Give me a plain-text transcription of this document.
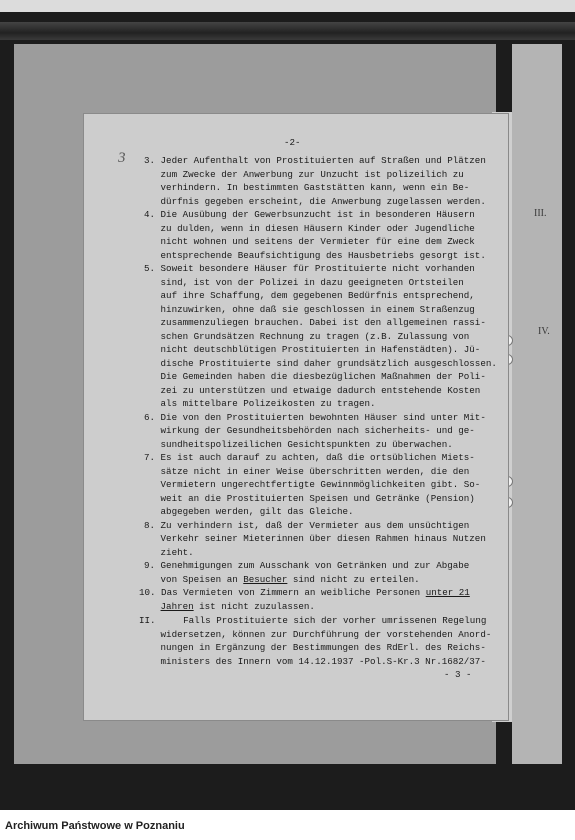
III.
IV.
-2-
3 3. Jeder Aufenthalt von Prostituierten auf Straßen und Plätzen
zum Zwecke der Anwerbung zur Unzucht ist polizeilich zu
verhindern. In bestimmten Gaststätten kann, wenn ein Be-
dürfnis gegeben erscheint, die Anwerbung zugelassen werden.
4. Die Ausübung der Gewerbsunzucht ist in besonderen Häusern
zu dulden, wenn in diesen Häusern Kinder oder Jugendliche
nicht wohnen und seitens der Vermieter für eine dem Zweck
entsprechende Beaufsichtigung des Hausbetriebs gesorgt ist.
5. Soweit besondere Häuser für Prostituierte nicht vorhanden
sind, ist von der Polizei in dazu geeigneten Ortsteilen
auf ihre Schaffung, dem gegebenen Bedürfnis entsprechend,
hinzuwirken, ohne daß sie geschlossen in einem Straßenzug
zusammenzuliegen brauchen. Dabei ist den allgemeinen rassi-
schen Grundsätzen Rechnung zu tragen (z.B. Zulassung von
nicht deutschblütigen Prostituierten in Hafenstädten). Jü-
dische Prostituierte sind daher grundsätzlich ausgeschlossen.
Die Gemeinden haben die diesbezüglichen Maßnahmen der Poli-
zei zu unterstützen und etwaige dadurch entstehende Kosten
als mittelbare Polizeikosten zu tragen.
6. Die von den Prostituierten bewohnten Häuser sind unter Mit-
wirkung der Gesundheitsbehörden nach sicherheits- und ge-
sundheitspolizeilichen Gesichtspunkten zu überwachen.
7. Es ist auch darauf zu achten, daß die ortsüblichen Miets-
sätze nicht in einer Weise überschritten werden, die den
Vermietern ungerechtfertigte Gewinnmöglichkeiten gibt. So-
weit an die Prostituierten Speisen und Getränke (Pension)
abgegeben werden, gilt das Gleiche.
8. Zu verhindern ist, daß der Vermieter aus dem unsüchtigen
Verkehr seiner Mieterinnen über diesen Rahmen hinaus Nutzen
zieht.
9. Genehmigungen zum Ausschank von Getränken und zur Abgabe
von Speisen an Besucher sind nicht zu erteilen.
10. Das Vermieten von Zimmern an weibliche Personen unter 21
Jahren ist nicht zuzulassen.
II.     Falls Prostituierte sich der vorher umrissenen Regelung
widersetzen, können zur Durchführung der vorstehenden Anord-
nungen in Ergänzung der Bestimmungen des RdErl. des Reichs-
ministers des Innern vom 14.12.1937 -Pol.S-Kr.3 Nr.1682/37-
- 3 -
Archiwum Państwowe w Poznaniu
